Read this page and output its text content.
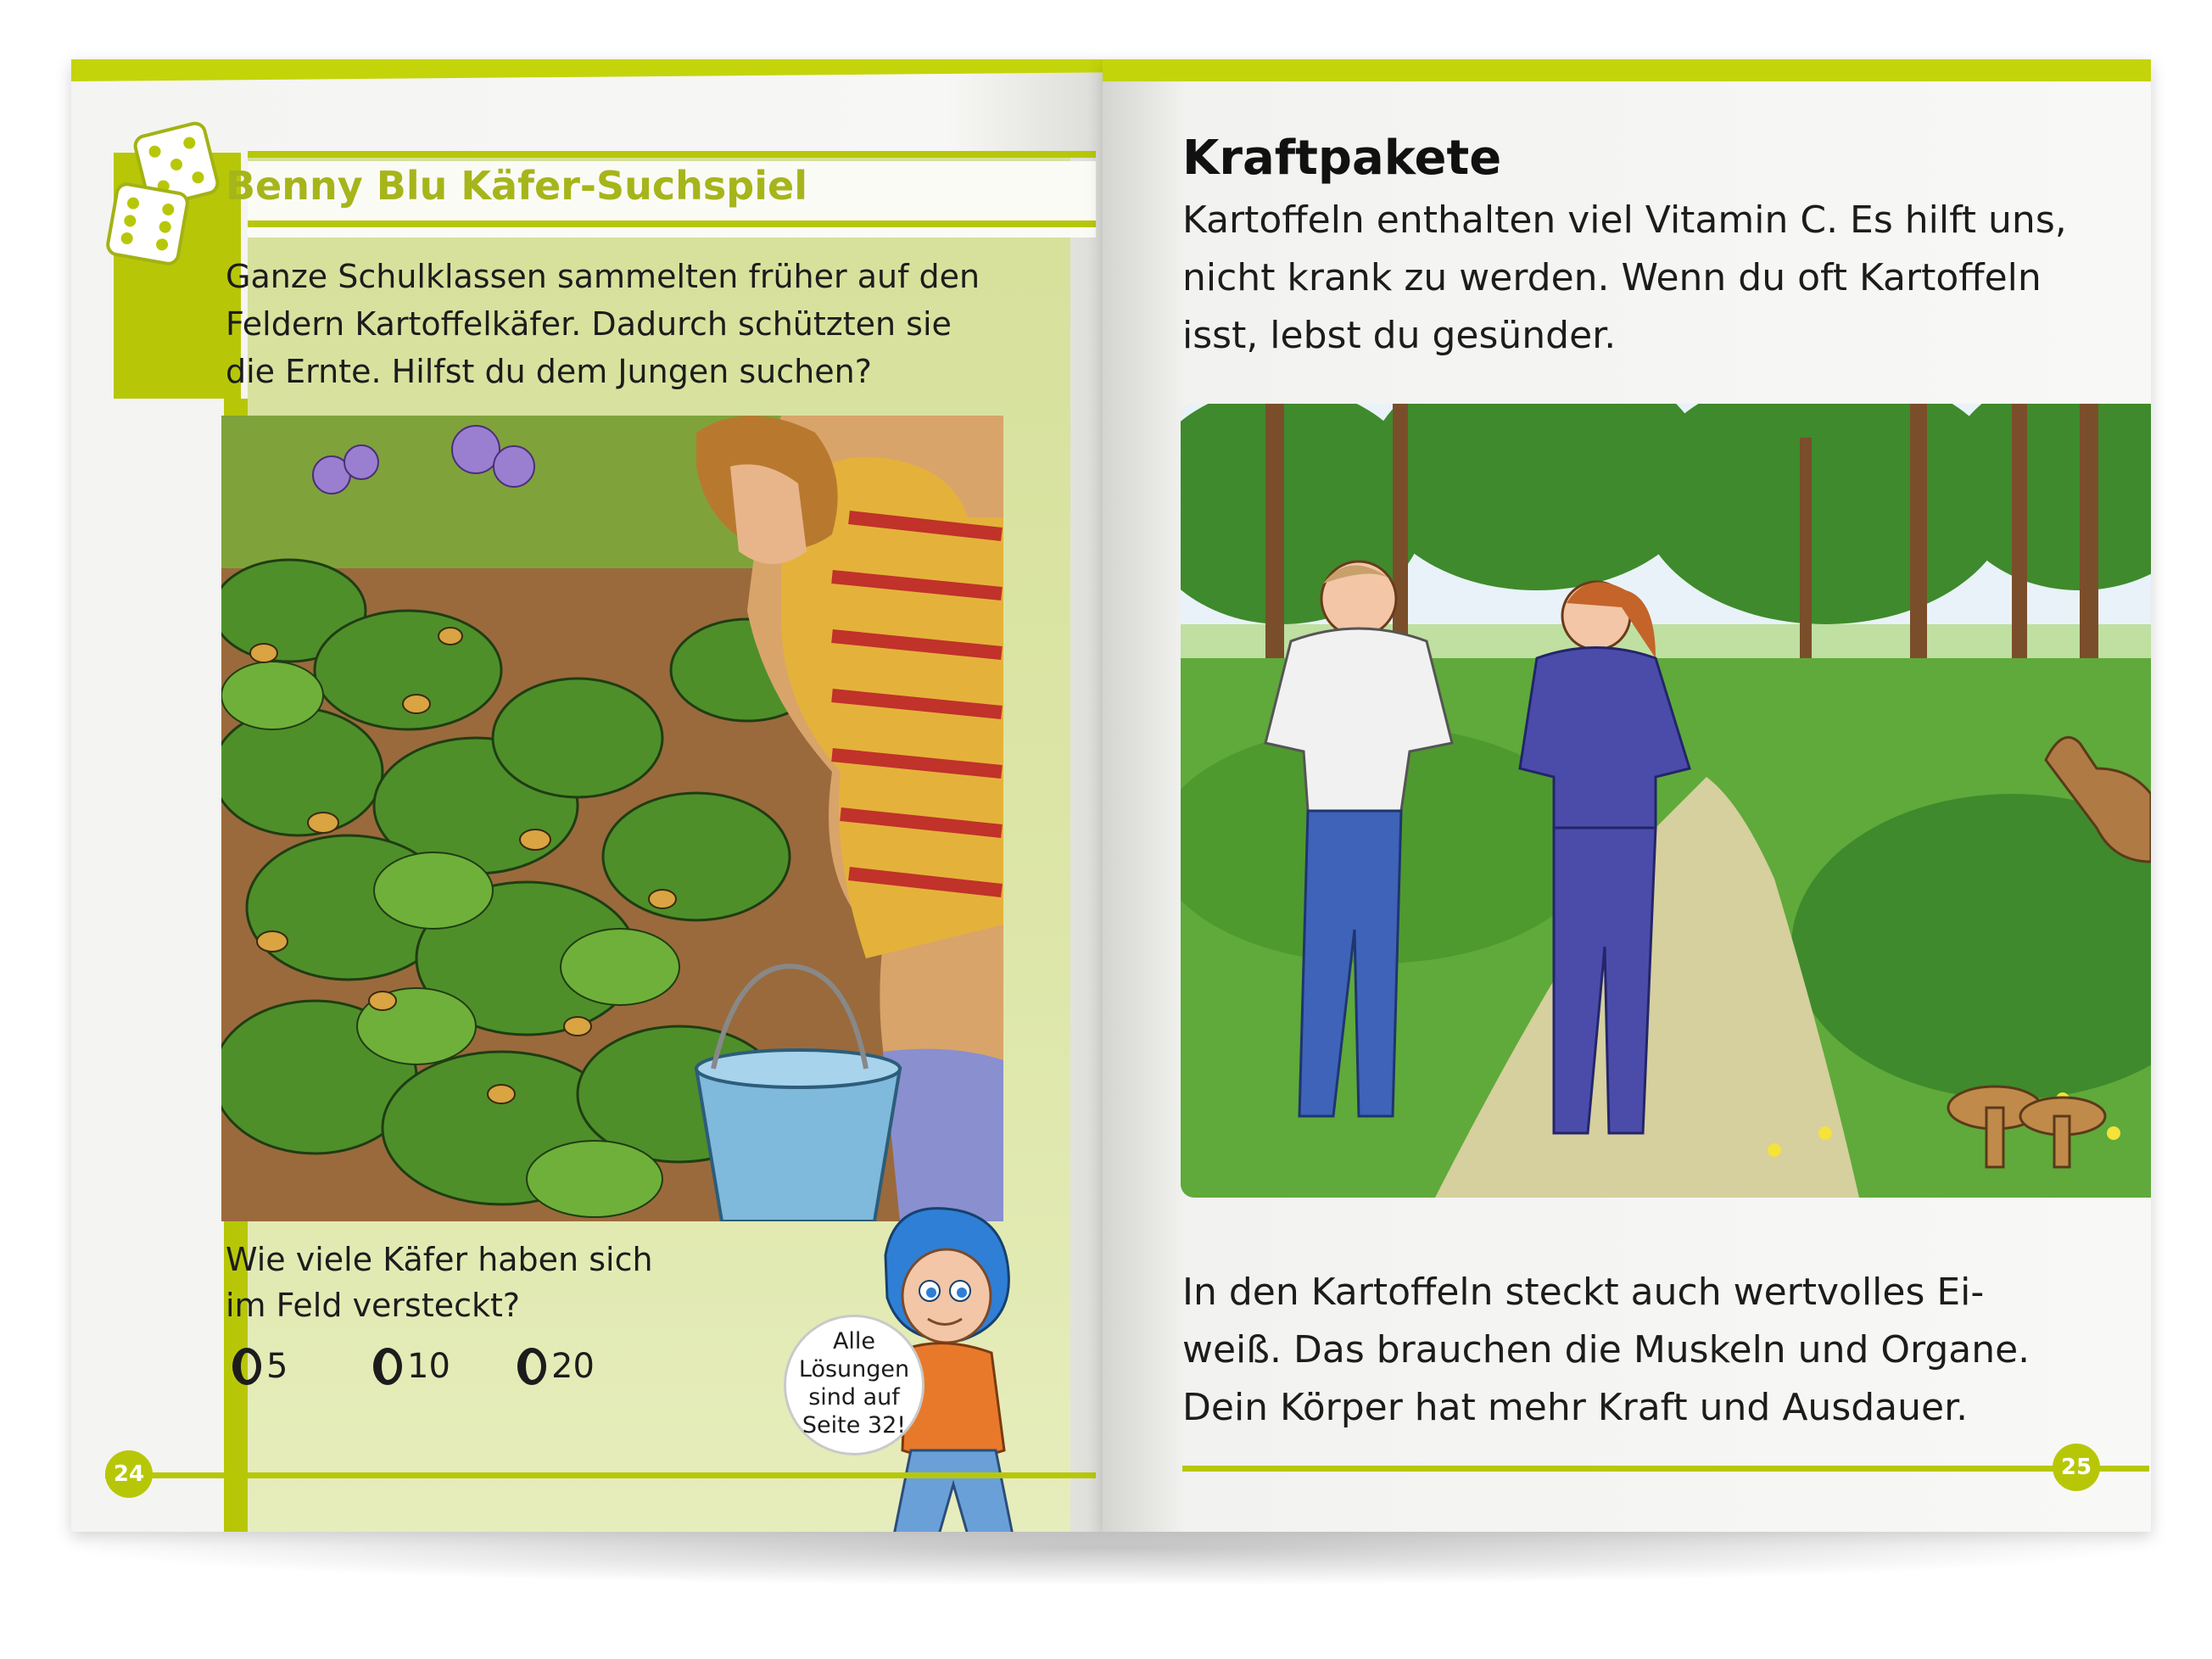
Benny Blu Käfer-Suchspiel
Ganze Schulklassen sammelten früher auf den
Feldern Kartoffelkäfer. Dadurch schützten sie
die Ernte. Hilfst du dem Jungen suchen?
Wie viele Käfer haben sich
im Feld versteckt?
5	10	20
Alle
Lösungen
sind auf
Seite 32!
24
Kraftpakete
Kartoffeln enthalten viel Vitamin C. Es hilft uns,
nicht krank zu werden. Wenn du oft Kartoffeln
isst, lebst du gesünder.
In den Kartoffeln steckt auch wertvolles Ei-
weiß. Das brauchen die Muskeln und Organe.
Dein Körper hat mehr Kraft und Ausdauer.
25
